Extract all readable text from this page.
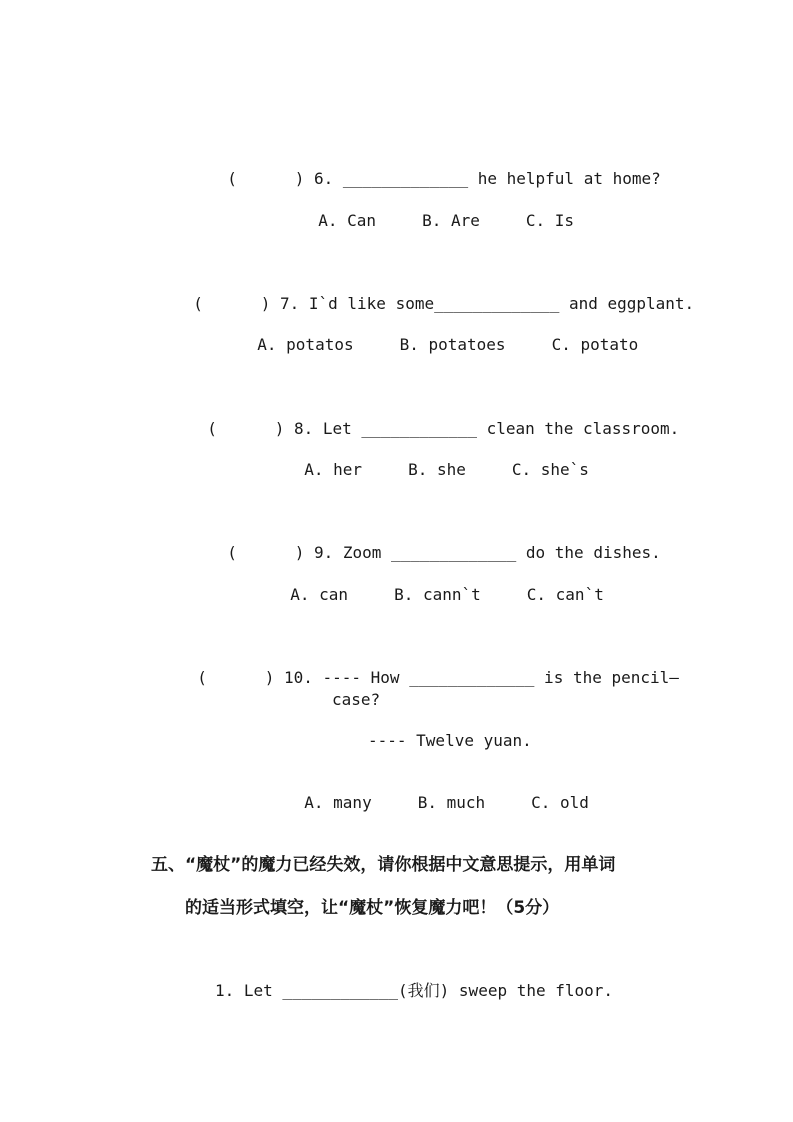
(      ) 6. _____________ he helpful at home?

A. Can	B. Are	C. Is

(      ) 7. I`d like some_____________ and eggplant.

A. potatos	B. potatoes	C. potato

(      ) 8. Let ____________ clean the classroom.

A. her	B. she	C. she`s

(      ) 9. Zoom _____________ do the dishes.

A. can	B. cann`t	C. can`t

(      ) 10. ---- How _____________ is the pencil—

case?
---- Twelve yuan.

A. many	B. much	C. old

五、“魔杖”的魔力已经失效，请你根据中文意思提示，用单词
的适当形式填空，让“魔杖”恢复魔力吧！（5分）
1. Let ____________(我们) sweep the floor.
